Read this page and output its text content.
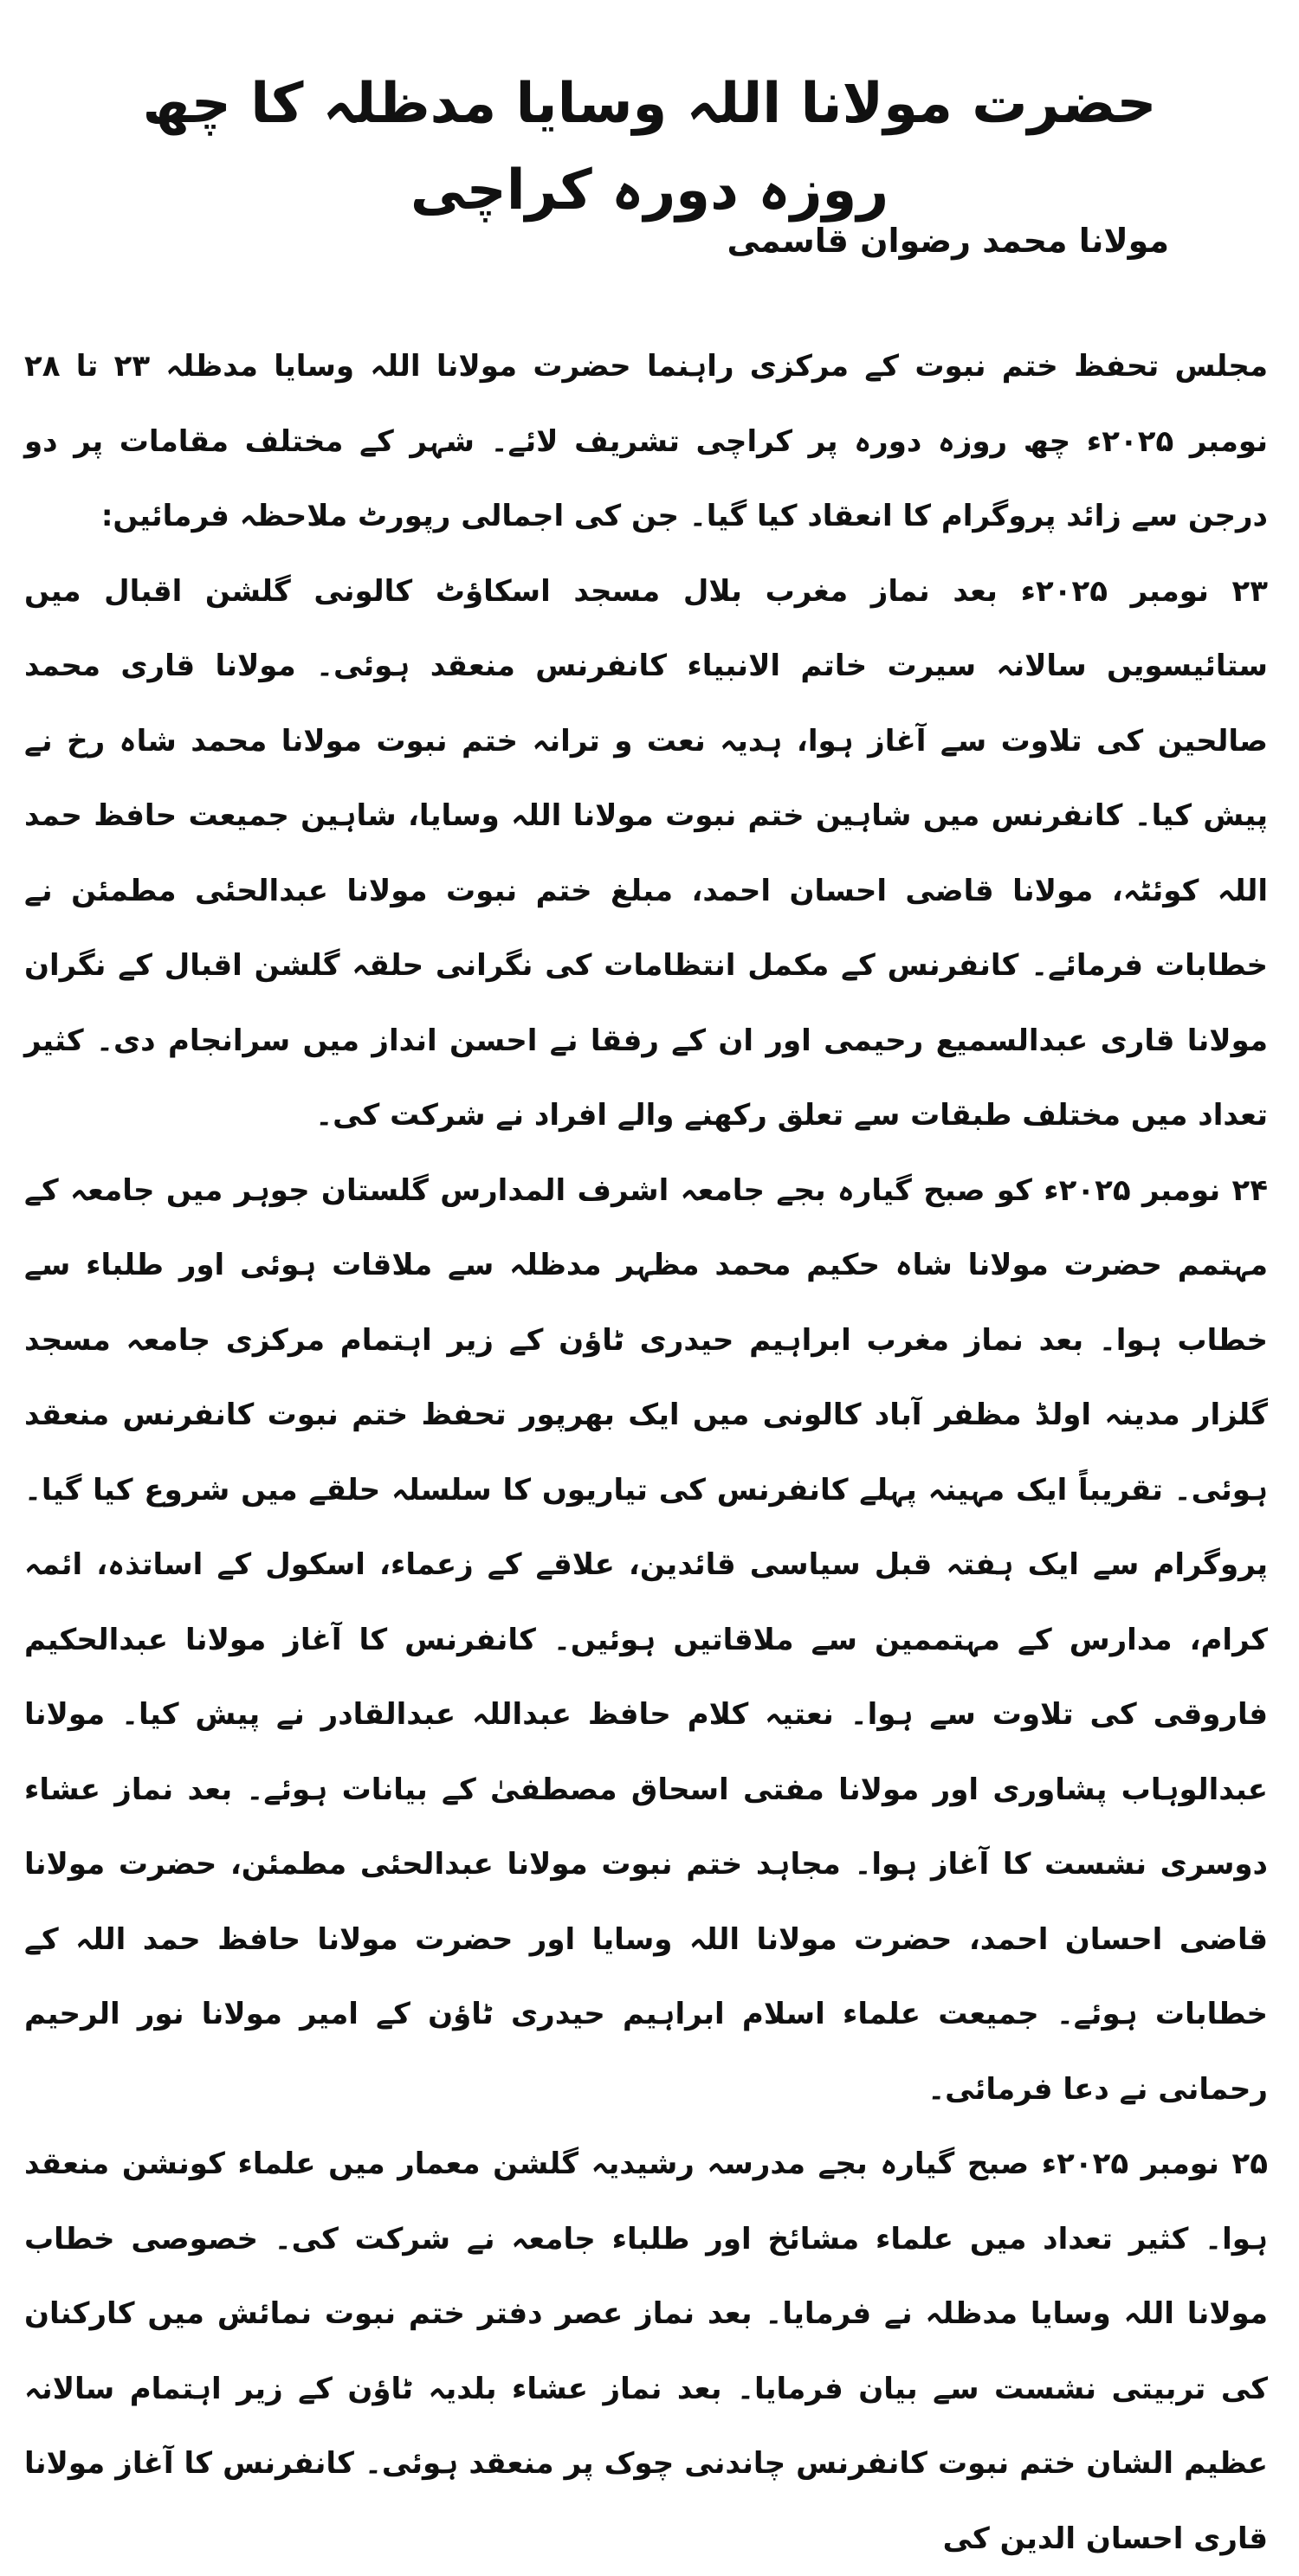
حضرت مولانا اللہ وسایا مدظلہ کا چھ روزہ دورہ کراچی

مولانا محمد رضوان قاسمی

مجلس تحفظ ختم نبوت کے مرکزی راہنما حضرت مولانا اللہ وسایا مدظلہ ۲۳ تا ۲۸ نومبر ۲۰۲۵ء چھ روزہ دورہ پر کراچی تشریف لائے۔ شہر کے مختلف مقامات پر دو درجن سے زائد پروگرام کا انعقاد کیا گیا۔ جن کی اجمالی رپورٹ ملاحظہ فرمائیں:

۲۳ نومبر ۲۰۲۵ء بعد نماز مغرب بلال مسجد اسکاؤٹ کالونی گلشن اقبال میں ستائیسویں سالانہ سیرت خاتم الانبیاء کانفرنس منعقد ہوئی۔ مولانا قاری محمد صالحین کی تلاوت سے آغاز ہوا، ہدیہ نعت و ترانہ ختم نبوت مولانا محمد شاہ رخ نے پیش کیا۔ کانفرنس میں شاہین ختم نبوت مولانا اللہ وسایا، شاہین جمیعت حافظ حمد اللہ کوئٹہ، مولانا قاضی احسان احمد، مبلغ ختم نبوت مولانا عبدالحئی مطمئن نے خطابات فرمائے۔ کانفرنس کے مکمل انتظامات کی نگرانی حلقہ گلشن اقبال کے نگران مولانا قاری عبدالسمیع رحیمی اور ان کے رفقا نے احسن انداز میں سرانجام دی۔ کثیر تعداد میں مختلف طبقات سے تعلق رکھنے والے افراد نے شرکت کی۔

۲۴ نومبر ۲۰۲۵ء کو صبح گیارہ بجے جامعہ اشرف المدارس گلستان جوہر میں جامعہ کے مہتمم حضرت مولانا شاہ حکیم محمد مظہر مدظلہ سے ملاقات ہوئی اور طلباء سے خطاب ہوا۔ بعد نماز مغرب ابراہیم حیدری ٹاؤن کے زیر اہتمام مرکزی جامعہ مسجد گلزار مدینہ اولڈ مظفر آباد کالونی میں ایک بھرپور تحفظ ختم نبوت کانفرنس منعقد ہوئی۔ تقریباً ایک مہینہ پہلے کانفرنس کی تیاریوں کا سلسلہ حلقے میں شروع کیا گیا۔ پروگرام سے ایک ہفتہ قبل سیاسی قائدین، علاقے کے زعماء، اسکول کے اساتذہ، ائمہ کرام، مدارس کے مہتممین سے ملاقاتیں ہوئیں۔ کانفرنس کا آغاز مولانا عبدالحکیم فاروقی کی تلاوت سے ہوا۔ نعتیہ کلام حافظ عبداللہ عبدالقادر نے پیش کیا۔ مولانا عبدالوہاب پشاوری اور مولانا مفتی اسحاق مصطفیٰ کے بیانات ہوئے۔ بعد نماز عشاء دوسری نشست کا آغاز ہوا۔ مجاہد ختم نبوت مولانا عبدالحئی مطمئن، حضرت مولانا قاضی احسان احمد، حضرت مولانا اللہ وسایا اور حضرت مولانا حافظ حمد اللہ کے خطابات ہوئے۔ جمیعت علماء اسلام ابراہیم حیدری ٹاؤن کے امیر مولانا نور الرحیم رحمانی نے دعا فرمائی۔

۲۵ نومبر ۲۰۲۵ء صبح گیارہ بجے مدرسہ رشیدیہ گلشن معمار میں علماء کونشن منعقد ہوا۔ کثیر تعداد میں علماء مشائخ اور طلباء جامعہ نے شرکت کی۔ خصوصی خطاب مولانا اللہ وسایا مدظلہ نے فرمایا۔ بعد نماز عصر دفتر ختم نبوت نمائش میں کارکنان کی تربیتی نشست سے بیان فرمایا۔ بعد نماز عشاء بلدیہ ٹاؤن کے زیر اہتمام سالانہ عظیم الشان ختم نبوت کانفرنس چاندنی چوک پر منعقد ہوئی۔ کانفرنس کا آغاز مولانا قاری احسان الدین کی
